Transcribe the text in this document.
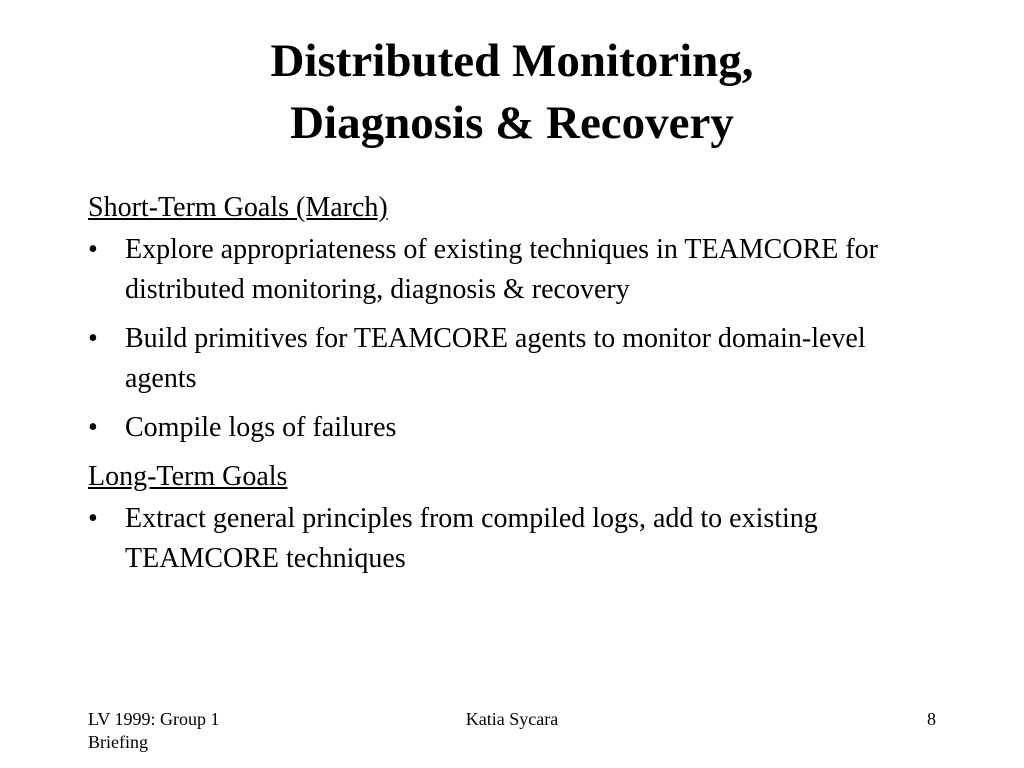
Distributed Monitoring,
Diagnosis & Recovery
Short-Term Goals (March)
• Explore appropriateness of existing techniques in TEAMCORE for distributed monitoring, diagnosis & recovery
• Build primitives for TEAMCORE agents to monitor domain-level agents
• Compile logs of failures
Long-Term Goals
• Extract general principles from compiled logs, add to existing TEAMCORE techniques
LV 1999: Group 1 Briefing
Katia Sycara	8
